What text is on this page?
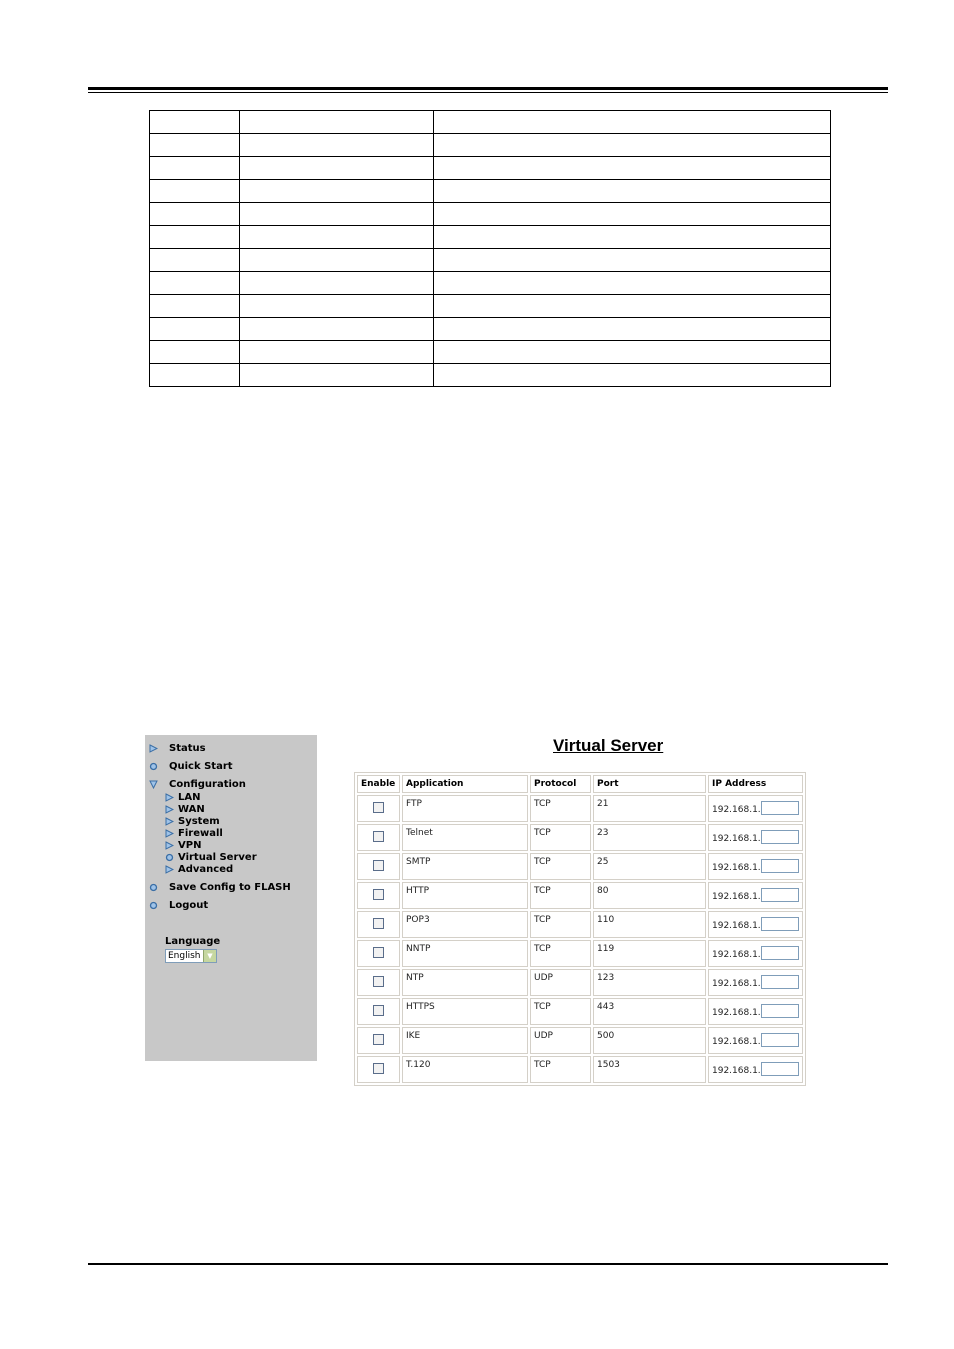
Status
Quick Start
Configuration
Save Config to FLASH
Logout
LAN
WAN
System
Firewall
VPN
Virtual Server
Advanced
Language
English ▼
Virtual Server
Enable	Application	Protocol	Port	IP Address
	FTP	TCP	21	192.168.1.

	Telnet	TCP	23	192.168.1.

	SMTP	TCP	25	192.168.1.

	HTTP	TCP	80	192.168.1.

	POP3	TCP	110	192.168.1.

	NNTP	TCP	119	192.168.1.

	NTP	UDP	123	192.168.1.

	HTTPS	TCP	443	192.168.1.

	IKE	UDP	500	192.168.1.

	T.120	TCP	1503	192.168.1.
